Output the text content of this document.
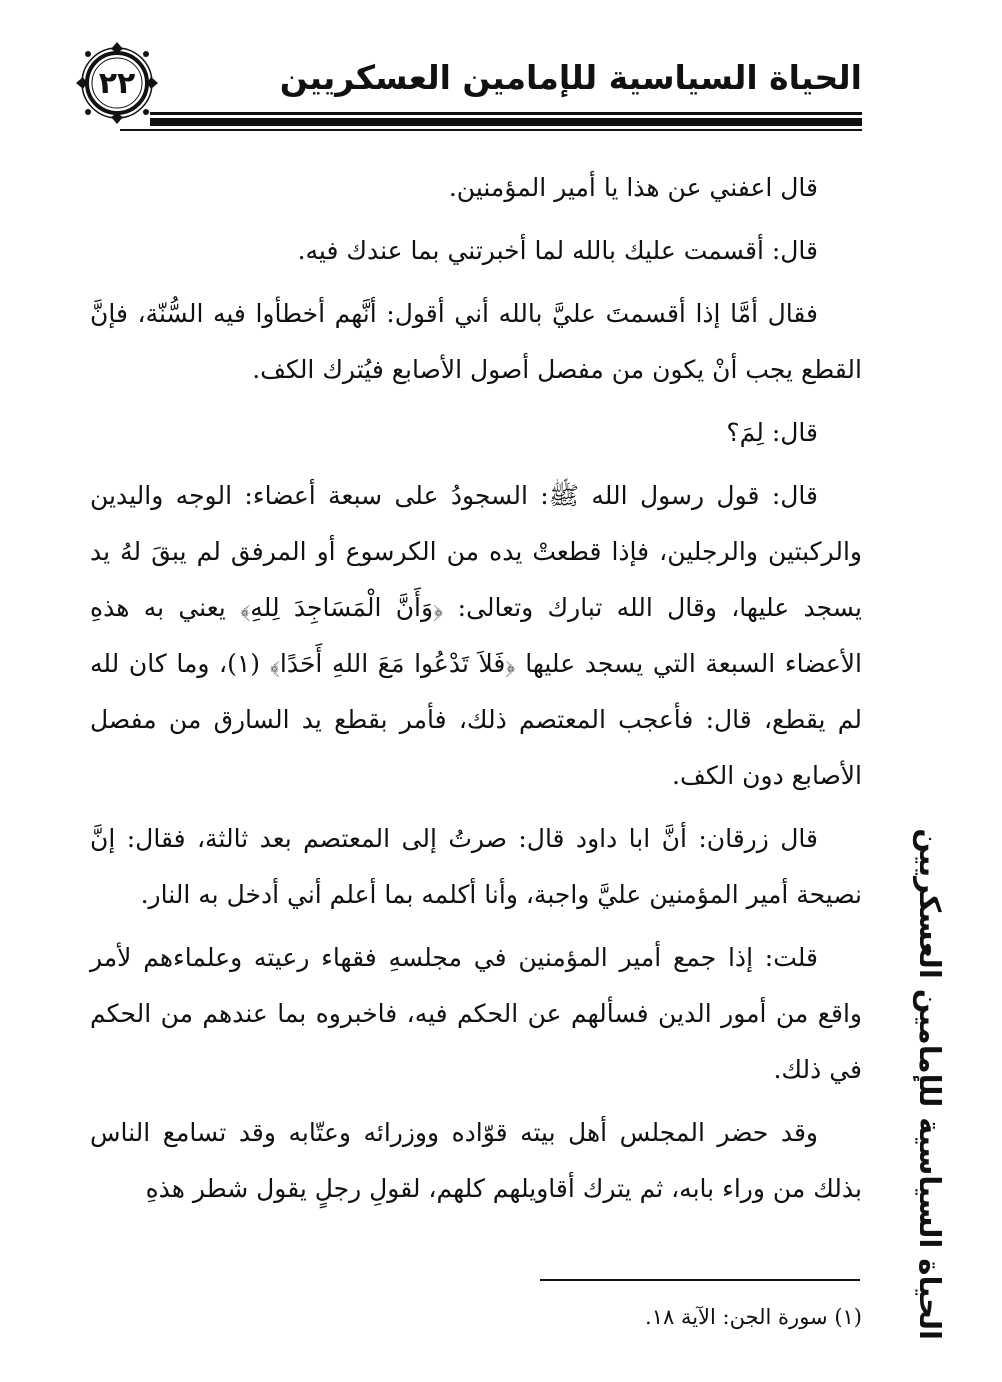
٢٢	الحياة السياسية للإمامين العسكريين
الحياة السياسية للإمامين العسكريين

قال اعفني عن هذا يا أمير المؤمنين.

قال: أقسمت عليك بالله لما أخبرتني بما عندك فيه.

فقال أمَّا إذا أقسمتَ عليَّ بالله أني أقول: أنَّهم أخطأوا فيه السُّنّة، فإنَّ القطع يجب أنْ يكون من مفصل أصول الأصابع فيُترك الكف.

قال: لِمَ؟

قال: قول رسول الله ﷺ: السجودُ على سبعة أعضاء: الوجه واليدين والركبتين والرجلين، فإذا قطعتْ يده من الكرسوع أو المرفق لم يبقَ لهُ يد يسجد عليها، وقال الله تبارك وتعالى: ﴿وَأَنَّ الْمَسَاجِدَ لِلهِ﴾ يعني به هذهِ الأعضاء السبعة التي يسجد عليها ﴿فَلاَ تَدْعُوا مَعَ اللهِ أَحَدًا﴾ (١)، وما كان لله لم يقطع، قال: فأعجب المعتصم ذلك، فأمر بقطع يد السارق من مفصل الأصابع دون الكف.

قال زرقان: أنَّ ابا داود قال: صرتُ إلى المعتصم بعد ثالثة، فقال: إنَّ نصيحة أمير المؤمنين عليَّ واجبة، وأنا أكلمه بما أعلم أني أدخل به النار.

قلت: إذا جمع أمير المؤمنين في مجلسهِ فقهاء رعيته وعلماءهم لأمر واقع من أمور الدين فسألهم عن الحكم فيه، فاخبروه بما عندهم من الحكم في ذلك.

وقد حضر المجلس أهل بيته قوّاده ووزرائه وعتّابه وقد تسامع الناس بذلك من وراء بابه، ثم يترك أقاويلهم كلهم، لقولِ رجلٍ يقول شطر هذهِ

(١) سورة الجن: الآية ١٨.
